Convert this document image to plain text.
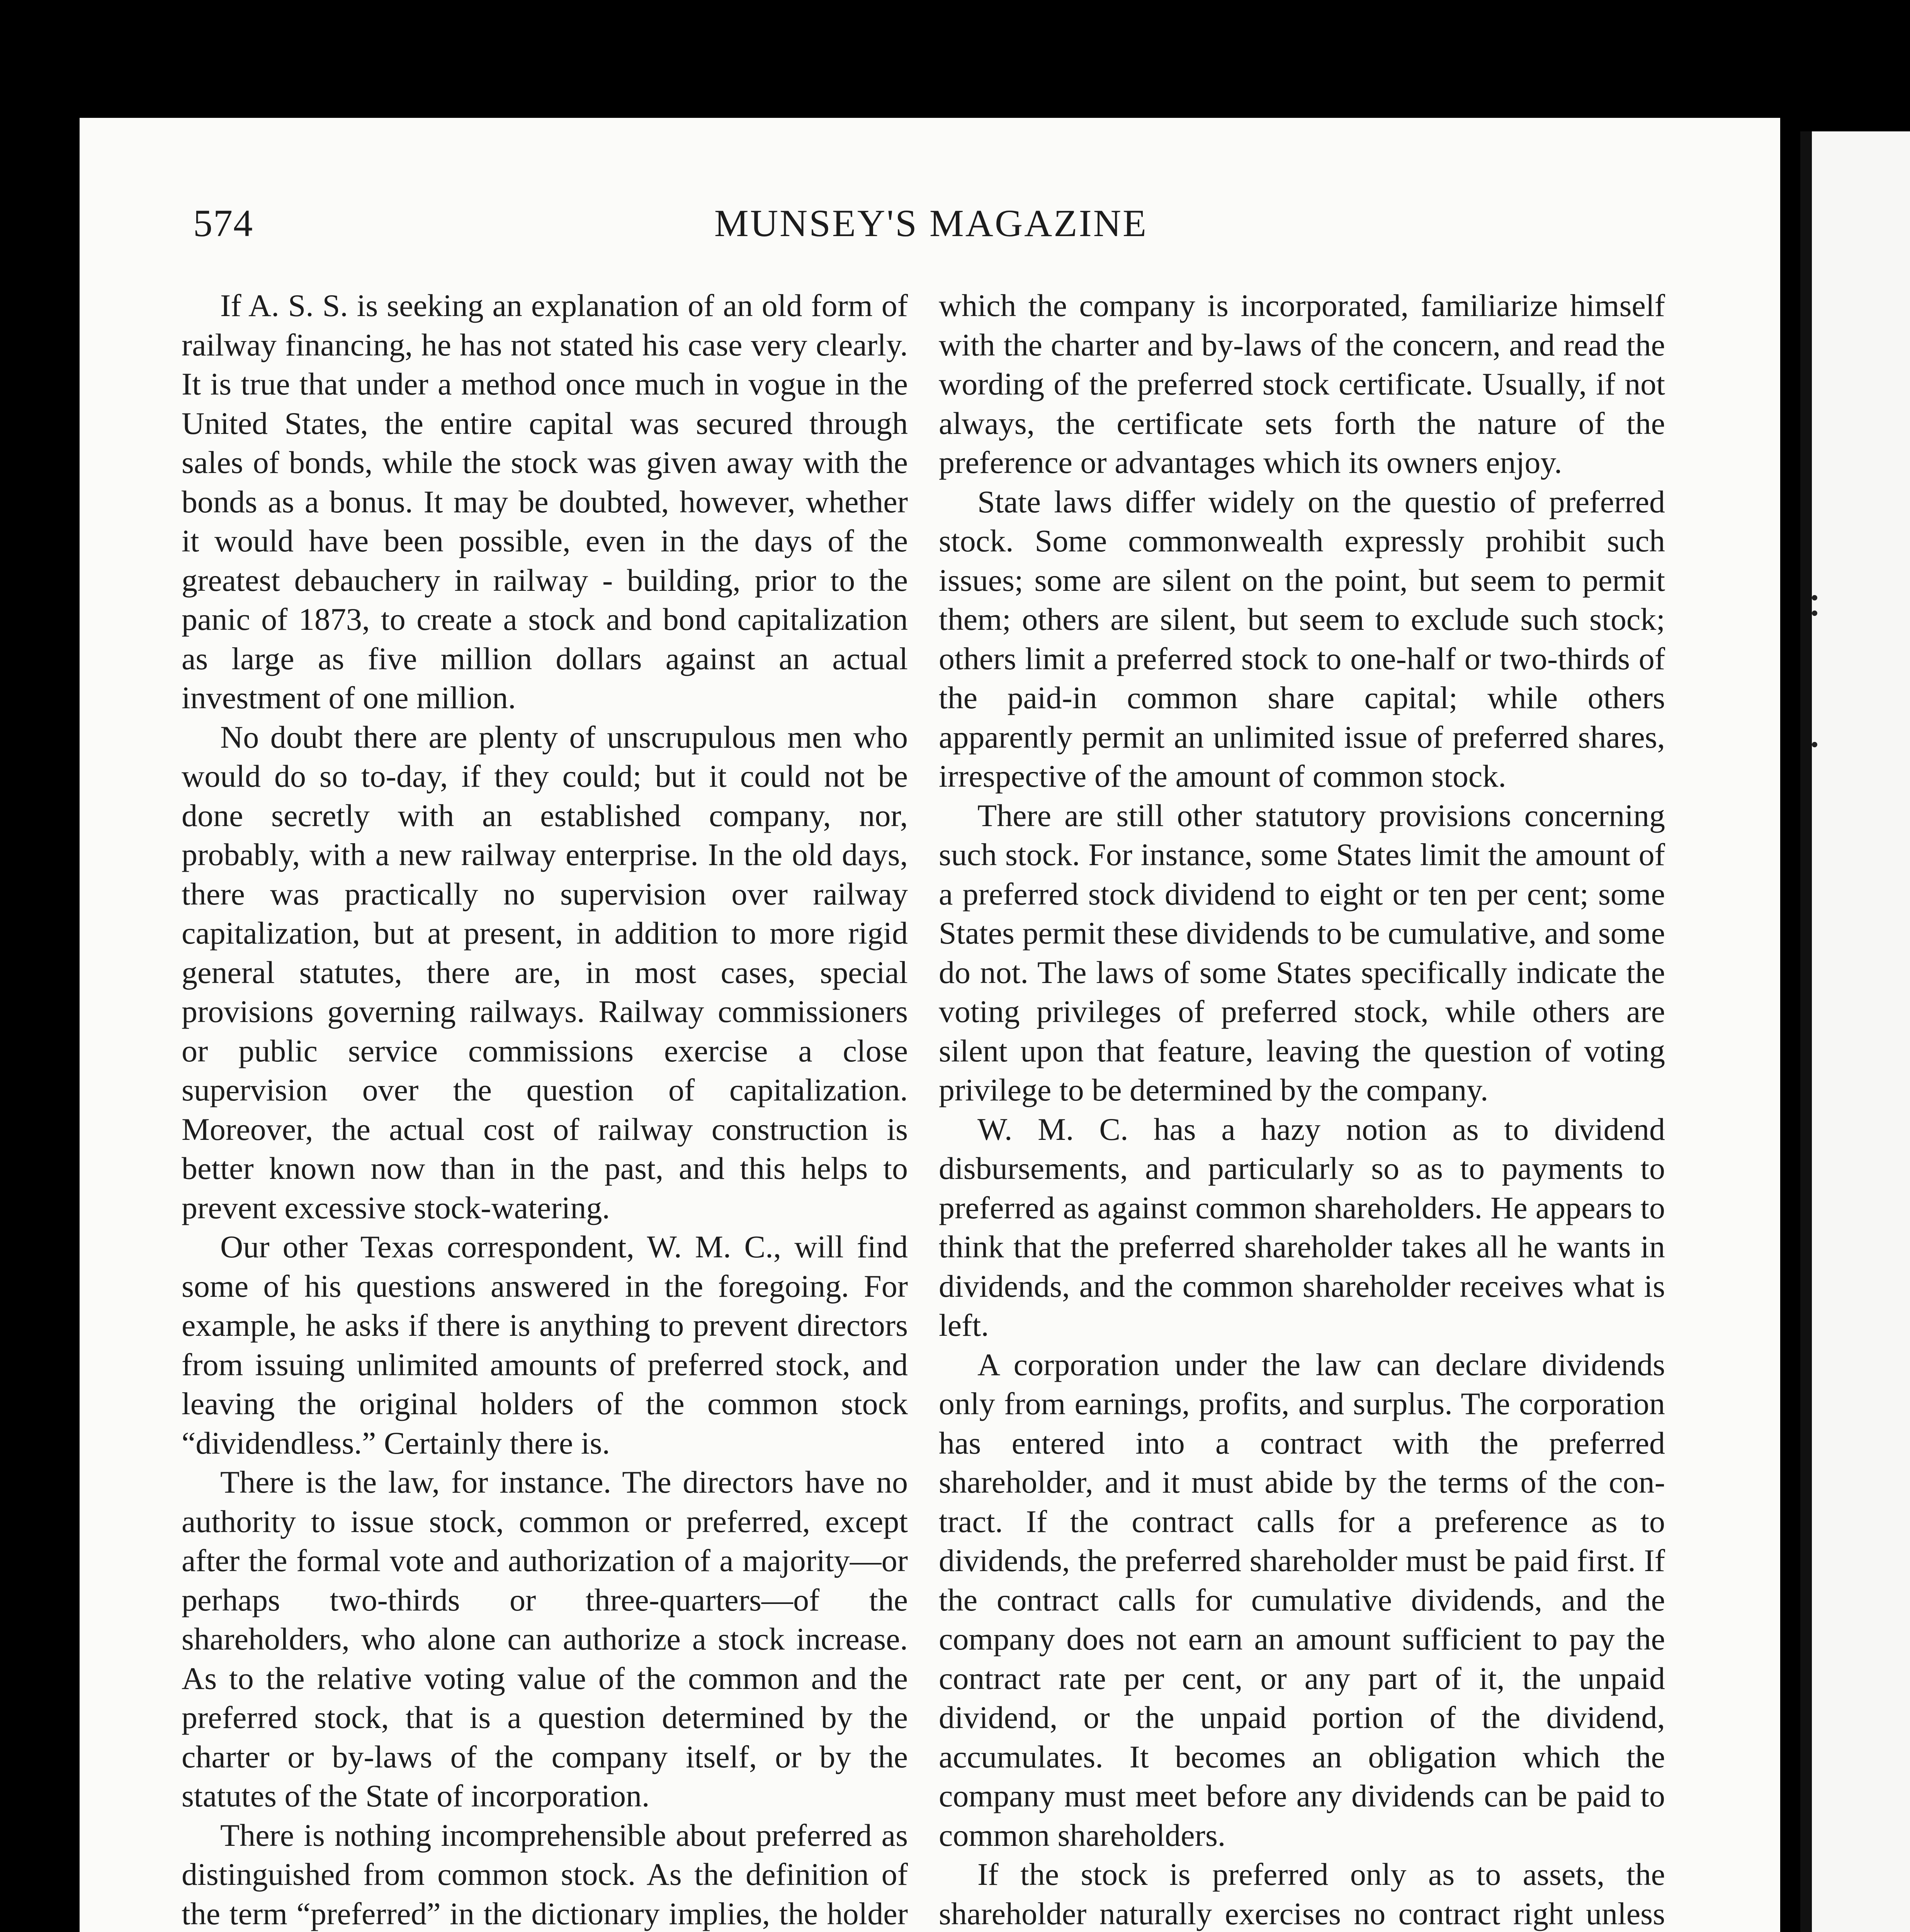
574	MUNSEY'S MAGAZINE

If A. S. S. is seeking an explanation of an old form of railway financing, he has not stated his case very clearly. It is true that under a method once much in vogue in the United States, the entire capital was secured through sales of bonds, while the stock was given away with the bonds as a bonus. It may be doubted, however, whether it would have been possible, even in the days of the greatest debauchery in railway - building, prior to the panic of 1873, to create a stock and bond capitalization as large as five million dollars against an actual investment of one million.

No doubt there are plenty of unscrupulous men who would do so to-day, if they could; but it could not be done secretly with an established company, nor, probably, with a new railway enterprise. In the old days, there was practically no supervision over railway capitalization, but at present, in addition to more rigid general statutes, there are, in most cases, special provisions governing railways. Railway commissioners or public service commissions exercise a close supervision over the question of capitalization. Moreover, the actual cost of railway construction is better known now than in the past, and this helps to prevent excessive stock-watering.

Our other Texas correspondent, W. M. C., will find some of his questions answered in the foregoing. For example, he asks if there is anything to prevent directors from issuing unlimited amounts of preferred stock, and leaving the original holders of the common stock “dividendless.” Certainly there is.

There is the law, for instance. The directors have no authority to issue stock, common or preferred, except after the formal vote and authorization of a majority—or perhaps two-thirds or three-quarters—of the shareholders, who alone can authorize a stock increase. As to the relative voting value of the common and the preferred stock, that is a question determined by the charter or by-laws of the company itself, or by the statutes of the State of incorporation.

There is nothing incomprehensible about preferred as distinguished from common stock. As the definition of the term “preferred” in the dictionary implies, the holder

which the company is incorporated, familiarize himself with the charter and by-laws of the concern, and read the wording of the preferred stock certificate. Usually, if not always, the certificate sets forth the nature of the preference or advantages which its owners enjoy.

State laws differ widely on the questio of preferred stock. Some commonwealth expressly prohibit such issues; some are silent on the point, but seem to permit them; others are silent, but seem to exclude such stock; others limit a preferred stock to one-half or two-thirds of the paid-in common share capital; while others apparently permit an unlimited issue of preferred shares, irrespective of the amount of common stock.

There are still other statutory provisions concerning such stock. For instance, some States limit the amount of a preferred stock dividend to eight or ten per cent; some States permit these dividends to be cumulative, and some do not. The laws of some States specifically indicate the voting privileges of preferred stock, while others are silent upon that feature, leaving the question of voting privilege to be determined by the company.

W. M. C. has a hazy notion as to dividend disbursements, and particularly so as to payments to preferred as against common shareholders. He appears to think that the preferred shareholder takes all he wants in dividends, and the common shareholder receives what is left.

A corporation under the law can declare dividends only from earnings, profits, and surplus. The corporation has entered into a contract with the preferred shareholder, and it must abide by the terms of the contract. If the contract calls for a preference as to dividends, the preferred shareholder must be paid first. If the contract calls for cumulative dividends, and the company does not earn an amount sufficient to pay the contract rate per cent, or any part of it, the unpaid dividend, or the unpaid portion of the dividend, accumulates. It becomes an obligation which the company must meet before any dividends can be paid to common shareholders.

If the stock is preferred only as to assets, the shareholder naturally exercises no contract right unless
